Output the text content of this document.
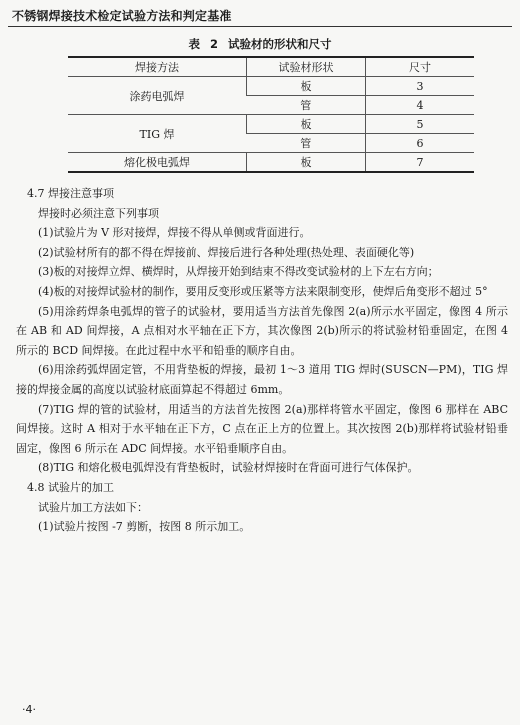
不锈钢焊接技术检定试验方法和判定基准
表 2 试验材的形状和尺寸
焊接方法	试验材形状	尺寸
涂药电弧焊	板	3
	管	4
TIG 焊	板	5
	管	6
熔化极电弧焊	板	7

4.7 焊接注意事项

焊接时必须注意下列事项

(1)试验片为 V 形对接焊，焊接不得从单侧或背面进行。

(2)试验材所有的都不得在焊接前、焊接后进行各种处理(热处理、表面硬化等)

(3)板的对接焊立焊、横焊时，从焊接开始到结束不得改变试验材的上下左右方向；

(4)板的对接焊试验材的制作，要用反变形或压紧等方法来限制变形，使焊后角变形不超过 5°

(5)用涂药焊条电弧焊的管子的试验材，要用适当方法首先像图 2(a)所示水平固定，像图 4 所示在 AB 和 AD 间焊接，A 点相对水平轴在正下方，其次像图 2(b)所示的将试验材铅垂固定，在图 4 所示的 BCD 间焊接。在此过程中水平和铅垂的顺序自由。

(6)用涂药弧焊固定管，不用背垫板的焊接，最初 1～3 道用 TIG 焊时(SUSCN—PM)，TIG 焊接的焊接金属的高度以试验材底面算起不得超过 6mm。

(7)TIG 焊的管的试验材，用适当的方法首先按图 2(a)那样将管水平固定，像图 6 那样在 ABC 间焊接。这时 A 相对于水平轴在正下方，C 点在正上方的位置上。其次按图 2(b)那样将试验材铅垂固定，像图 6 所示在 ADC 间焊接。水平铅垂顺序自由。

(8)TIG 和熔化极电弧焊没有背垫板时，试验材焊接时在背面可进行气体保护。

4.8 试验片的加工

试验片加工方法如下：

(1)试验片按图 -7 剪断，按图 8 所示加工。

·4·
